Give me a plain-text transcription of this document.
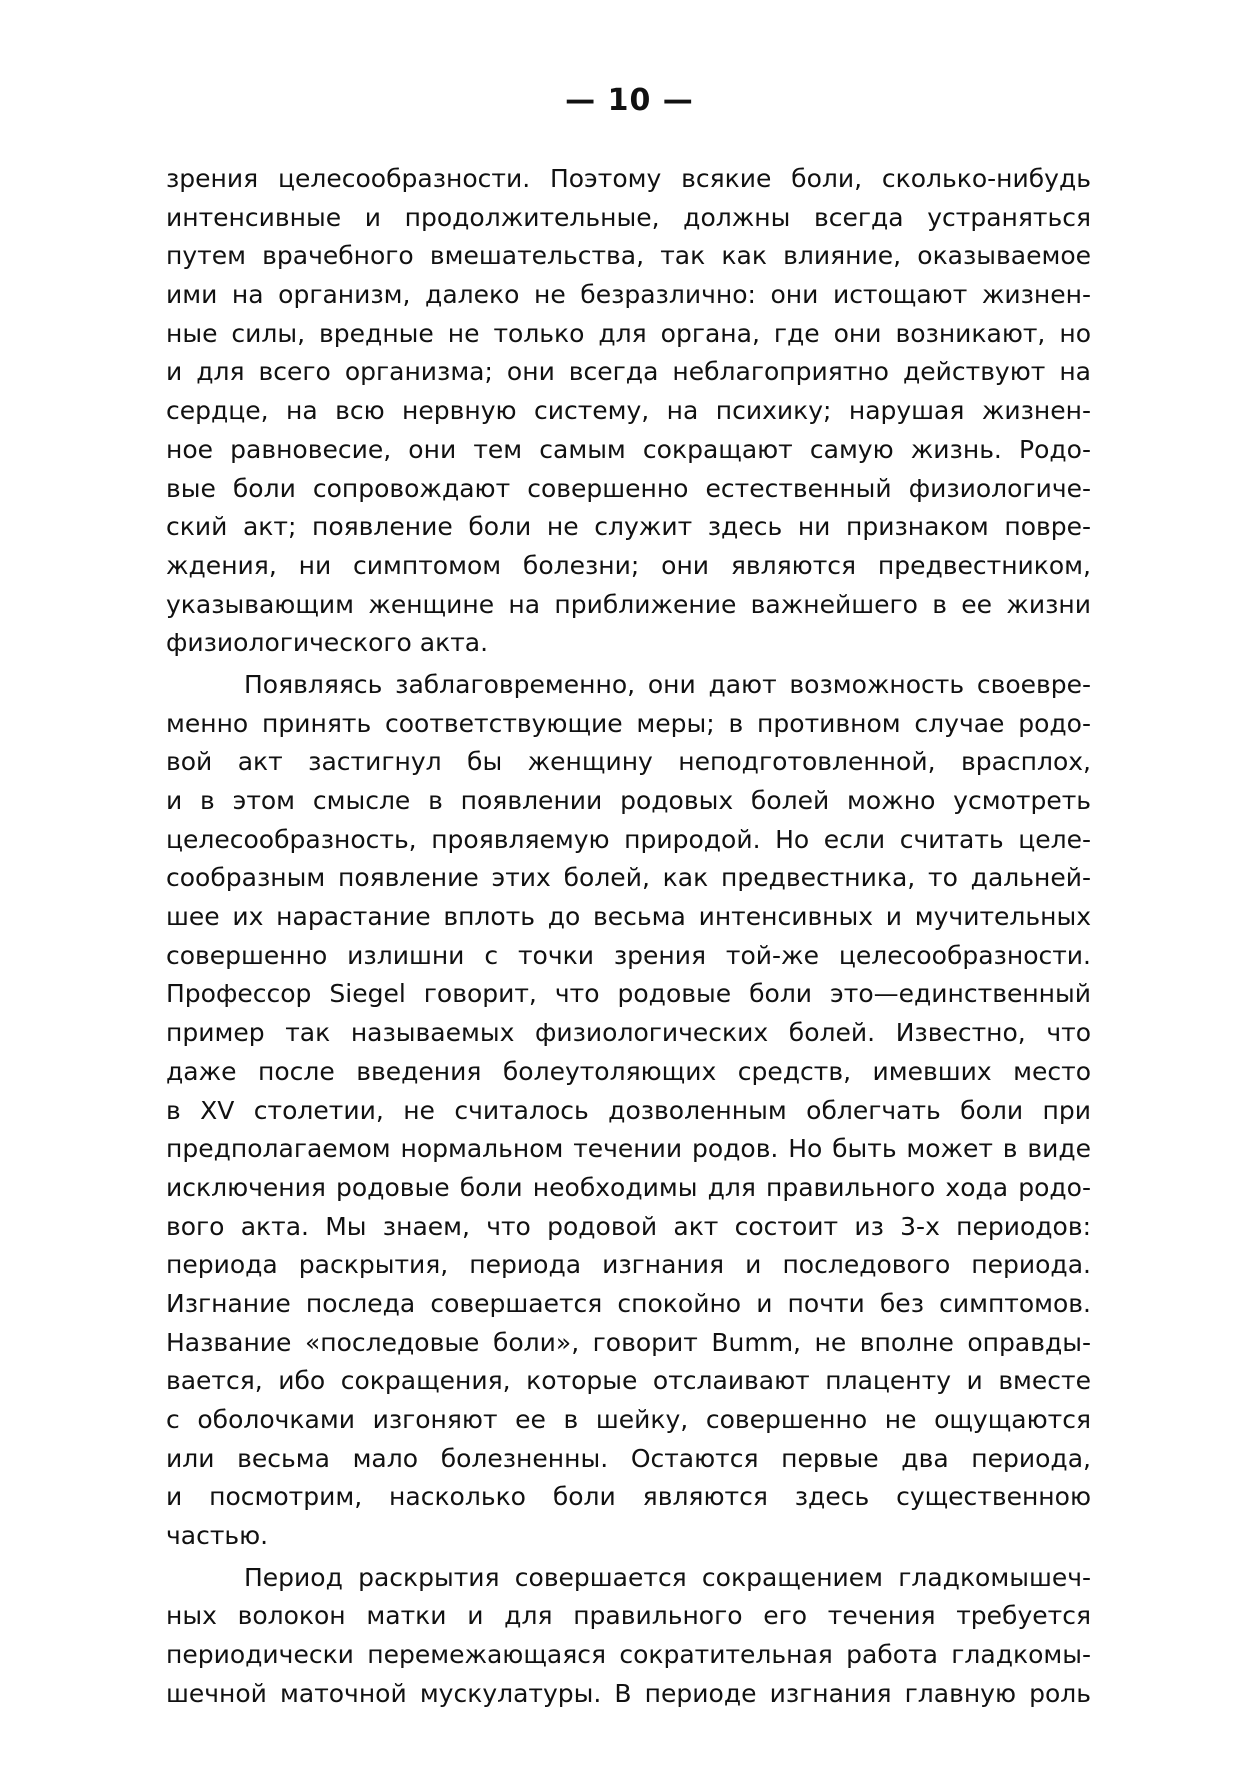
— 10 —
зрения целесообразности. Поэтому всякие боли, сколько-нибудь
интенсивные и продолжительные, должны всегда устраняться
путем врачебного вмешательства, так как влияние, оказываемое
ими на организм, далеко не безразлично: они истощают жизнен-
ные силы, вредные не только для органа, где они возникают, но
и для всего организма; они всегда неблагоприятно действуют на
сердце, на всю нервную систему, на психику; нарушая жизнен-
ное равновесие, они тем самым сокращают самую жизнь. Родо-
вые боли сопровождают совершенно естественный физиологиче-
ский акт; появление боли не служит здесь ни признаком повре-
ждения, ни симптомом болезни; они являются предвестником,
указывающим женщине на приближение важнейшего в ее жизни
физиологического акта.
Появляясь заблаговременно, они дают возможность своевре-
менно принять соответствующие меры; в противном случае родо-
вой акт застигнул бы женщину неподготовленной, врасплох,
и в этом смысле в появлении родовых болей можно усмотреть
целесообразность, проявляемую природой. Но если считать целе-
сообразным появление этих болей, как предвестника, то дальней-
шее их нарастание вплоть до весьма интенсивных и мучительных
совершенно излишни с точки зрения той-же целесообразности.
Профессор Siegel говорит, что родовые боли это—единственный
пример так называемых физиологических болей. Известно, что
даже после введения болеутоляющих средств, имевших место
в XV столетии, не считалось дозволенным облегчать боли при
предполагаемом нормальном течении родов. Но быть может в виде
исключения родовые боли необходимы для правильного хода родо-
вого акта. Мы знаем, что родовой акт состоит из 3-х периодов:
периода раскрытия, периода изгнания и последового периода.
Изгнание последа совершается спокойно и почти без симптомов.
Название «последовые боли», говорит Bumm, не вполне оправды-
вается, ибо сокращения, которые отслаивают плаценту и вместе
с оболочками изгоняют ее в шейку, совершенно не ощущаются
или весьма мало болезненны. Остаются первые два периода,
и посмотрим, насколько боли являются здесь существенною
частью.
Период раскрытия совершается сокращением гладкомышеч-
ных волокон матки и для правильного его течения требуется
периодически перемежающаяся сократительная работа гладкомы-
шечной маточной мускулатуры. В периоде изгнания главную роль
